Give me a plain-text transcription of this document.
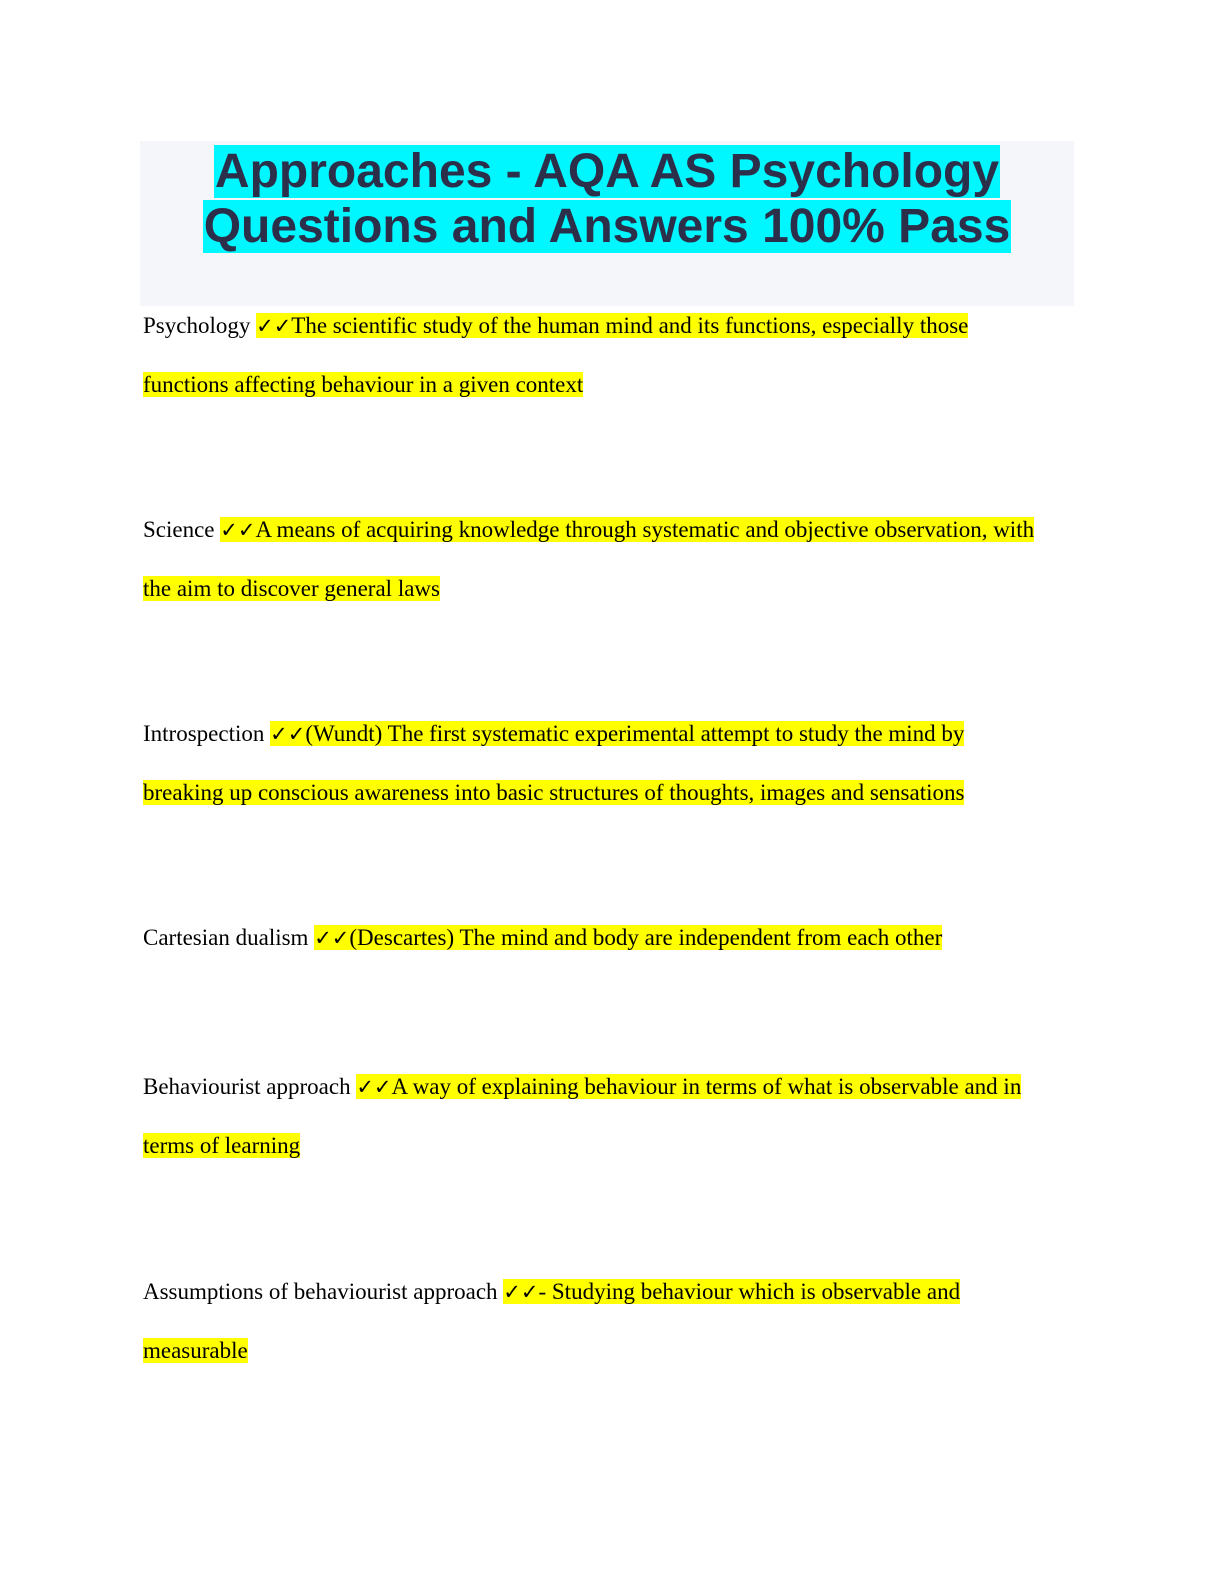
Approaches - AQA AS Psychology
Questions and Answers 100% Pass
Psychology ✓✓The scientific study of the human mind and its functions, especially those
functions affecting behaviour in a given context
Science ✓✓A means of acquiring knowledge through systematic and objective observation, with
the aim to discover general laws
Introspection ✓✓(Wundt) The first systematic experimental attempt to study the mind by
breaking up conscious awareness into basic structures of thoughts, images and sensations
Cartesian dualism ✓✓(Descartes) The mind and body are independent from each other
Behaviourist approach ✓✓A way of explaining behaviour in terms of what is observable and in
terms of learning
Assumptions of behaviourist approach ✓✓- Studying behaviour which is observable and
measurable
